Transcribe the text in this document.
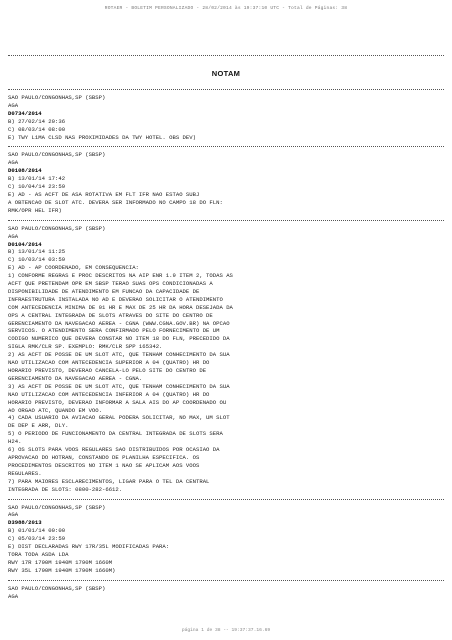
ROTAER - BOLETIM PERSONALIZADO - 28/02/2014 às 19:37:10 UTC - Total de Páginas: 38
NOTAM
SAO PAULO/CONGONHAS,SP (SBSP)
AGA
D0734/2014
B) 27/02/14 20:36
C) 08/03/14 08:00
E) TWY L1MA CLSD NAS PROXIMIDADES DA TWY HOTEL. OBS DEV)
SAO PAULO/CONGONHAS,SP (SBSP)
AGA
D0108/2014
B) 13/01/14 17:42
C) 10/04/14 23:59
E) AD - AS ACFT DE ASA ROTATIVA EM FLT IFR NAO ESTAO SUBJ
A OBTENCAO DE SLOT ATC. DEVERA SER INFORMADO NO CAMPO 18 DO FLN:
RMK/OPR HEL IFR)
SAO PAULO/CONGONHAS,SP (SBSP)
AGA
D0104/2014
B) 13/01/14 11:25
C) 10/03/14 03:59
E) AD - AP COORDENADO, EM CONSEQUENCIA:
1) CONFORME REGRAS E PROC DESCRITOS NA AIP ENR 1.9 ITEM 2, TODAS AS
ACFT QUE PRETENDAM OPR EM SBSP TERAO SUAS OPS CONDICIONADAS A
DISPONIBILIDADE DE ATENDIMENTO EM FUNCAO DA CAPACIDADE DE
INFRAESTRUTURA INSTALADA NO AD E DEVERAO SOLICITAR O ATENDIMENTO
COM ANTECEDENCIA MINIMA DE 01 HR E MAX DE 25 HR DA HORA DESEJADA DA
OPS A CENTRAL INTEGRADA DE SLOTS ATRAVES DO SITE DO CENTRO DE
GERENCIAMENTO DA NAVEGACAO AEREA - CGNA (WWW.CGNA.GOV.BR) NA OPCAO
SERVICOS. O ATENDIMENTO SERA CONFIRMADO PELO FORNECIMENTO DE UM
CODIGO NUMERICO QUE DEVERA CONSTAR NO ITEM 18 DO FLN, PRECEDIDO DA
SIGLA RMK/CLR SP. EXEMPLO: RMK/CLR SPP 165342.
2) AS ACFT DE POSSE DE UM SLOT ATC, QUE TENHAM CONHECIMENTO DA SUA
NAO UTILIZACAO COM ANTECEDENCIA SUPERIOR A 04 (QUATRO) HR DO
HORARIO PREVISTO, DEVERAO CANCELA-LO PELO SITE DO CENTRO DE
GERENCIAMENTO DA NAVEGACAO AEREA - CGNA.
3) AS ACFT DE POSSE DE UM SLOT ATC, QUE TENHAM CONHECIMENTO DA SUA
NAO UTILIZACAO COM ANTECEDENCIA INFERIOR A 04 (QUATRO) HR DO
HORARIO PREVISTO, DEVERAO INFORMAR A SALA AIS DO AP COORDENADO OU
AO ORGAO ATC, QUANDO EM VOO.
4) CADA USUARIO DA AVIACAO GERAL PODERA SOLICITAR, NO MAX, UM SLOT
DE DEP E ARR, DLY.
5) O PERIODO DE FUNCIONAMENTO DA CENTRAL INTEGRADA DE SLOTS SERA
H24.
6) OS SLOTS PARA VOOS REGULARES SAO DISTRIBUIDOS POR OCASIAO DA
APROVACAO DO HOTRAN, CONSTANDO DE PLANILHA ESPECIFICA. OS
PROCEDIMENTOS DESCRITOS NO ITEM 1 NAO SE APLICAM AOS VOOS
REGULARES.
7) PARA MAIORES ESCLARECIMENTOS, LIGAR PARA O TEL DA CENTRAL
INTEGRADA DE SLOTS: 0800-282-6612.
SAO PAULO/CONGONHAS,SP (SBSP)
AGA
D3988/2013
B) 01/01/14 00:00
C) 05/03/14 23:59
E) DIST DECLARADAS RWY 17R/35L MODIFICADAS PARA:
TORA TODA ASDA LDA
RWY 17R 1790M 1940M 1790M 1660M
RWY 35L 1790M 1940M 1790M 1660M)
SAO PAULO/CONGONHAS,SP (SBSP)
AGA
página 1 de 38 -- 19:37:37.16.69
